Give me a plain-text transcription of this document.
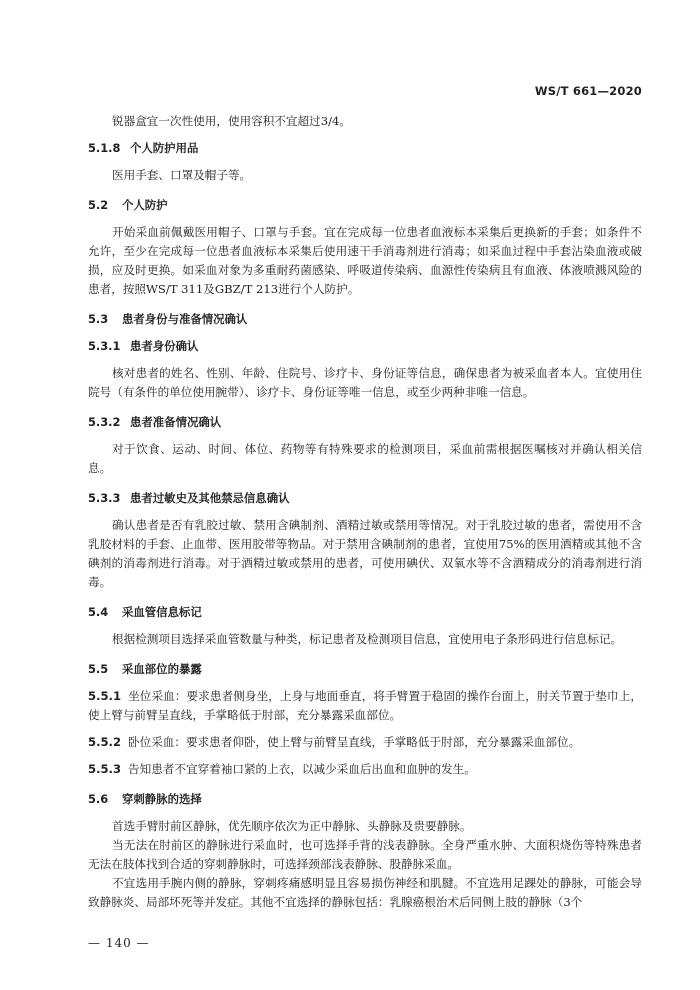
WS/T 661—2020

锐器盒宜一次性使用，使用容积不宜超过3/4。

5.1.8 个人防护用品

医用手套、口罩及帽子等。

5.2 个人防护

开始采血前佩戴医用帽子、口罩与手套。宜在完成每一位患者血液标本采集后更换新的手套；如条件不允许，至少在完成每一位患者血液标本采集后使用速干手消毒剂进行消毒；如采血过程中手套沾染血液或破损，应及时更换。如采血对象为多重耐药菌感染、呼吸道传染病、血源性传染病且有血液、体液喷溅风险的患者，按照WS/T 311及GBZ/T 213进行个人防护。

5.3 患者身份与准备情况确认

5.3.1 患者身份确认

核对患者的姓名、性别、年龄、住院号、诊疗卡、身份证等信息，确保患者为被采血者本人。宜使用住院号（有条件的单位使用腕带）、诊疗卡、身份证等唯一信息，或至少两种非唯一信息。

5.3.2 患者准备情况确认

对于饮食、运动、时间、体位、药物等有特殊要求的检测项目，采血前需根据医嘱核对并确认相关信息。

5.3.3 患者过敏史及其他禁忌信息确认

确认患者是否有乳胶过敏、禁用含碘制剂、酒精过敏或禁用等情况。对于乳胶过敏的患者，需使用不含乳胶材料的手套、止血带、医用胶带等物品。对于禁用含碘制剂的患者，宜使用75%的医用酒精或其他不含碘剂的消毒剂进行消毒。对于酒精过敏或禁用的患者，可使用碘伏、双氧水等不含酒精成分的消毒剂进行消毒。

5.4 采血管信息标记

根据检测项目选择采血管数量与种类，标记患者及检测项目信息，宜使用电子条形码进行信息标记。

5.5 采血部位的暴露

5.5.1 坐位采血：要求患者侧身坐，上身与地面垂直，将手臂置于稳固的操作台面上，肘关节置于垫巾上，使上臂与前臂呈直线，手掌略低于肘部，充分暴露采血部位。

5.5.2 卧位采血：要求患者仰卧，使上臂与前臂呈直线，手掌略低于肘部，充分暴露采血部位。

5.5.3 告知患者不宜穿着袖口紧的上衣，以减少采血后出血和血肿的发生。

5.6 穿刺静脉的选择

首选手臂肘前区静脉，优先顺序依次为正中静脉、头静脉及贵要静脉。

当无法在肘前区的静脉进行采血时，也可选择手背的浅表静脉。全身严重水肿、大面积烧伤等特殊患者无法在肢体找到合适的穿刺静脉时，可选择颈部浅表静脉、股静脉采血。

不宜选用手腕内侧的静脉，穿刺疼痛感明显且容易损伤神经和肌腱。不宜选用足踝处的静脉，可能会导致静脉炎、局部坏死等并发症。其他不宜选择的静脉包括：乳腺癌根治术后同侧上肢的静脉（3个

— 140 —
